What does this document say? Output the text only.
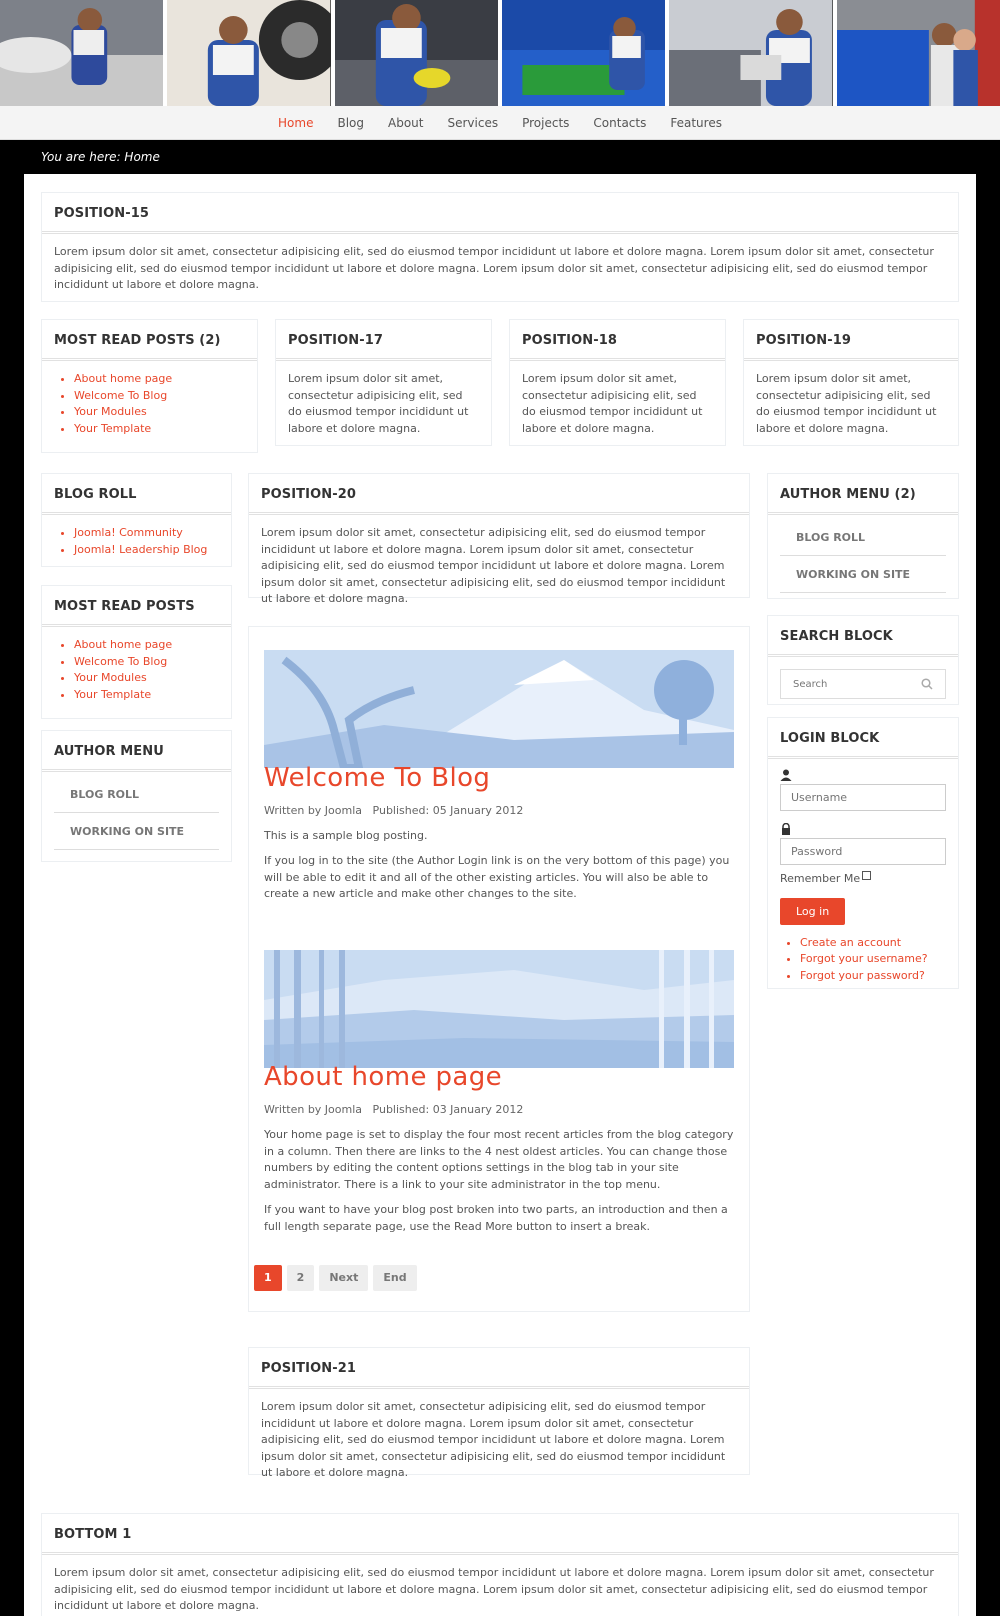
Home	Blog	About	Services	Projects	Contacts	Features
You are here: Home
POSITION-15
Lorem ipsum dolor sit amet, consectetur adipisicing elit, sed do eiusmod tempor incididunt ut labore et dolore magna. Lorem ipsum dolor sit amet, consectetur adipisicing elit, sed do eiusmod tempor incididunt ut labore et dolore magna. Lorem ipsum dolor sit amet, consectetur adipisicing elit, sed do eiusmod tempor incididunt ut labore et dolore magna.
MOST READ POSTS (2)
• About home page
• Welcome To Blog
• Your Modules
• Your Template
POSITION-17
Lorem ipsum dolor sit amet, consectetur adipisicing elit, sed do eiusmod tempor incididunt ut labore et dolore magna.
POSITION-18
Lorem ipsum dolor sit amet, consectetur adipisicing elit, sed do eiusmod tempor incididunt ut labore et dolore magna.
POSITION-19
Lorem ipsum dolor sit amet, consectetur adipisicing elit, sed do eiusmod tempor incididunt ut labore et dolore magna.
BLOG ROLL
• Joomla! Community
• Joomla! Leadership Blog
MOST READ POSTS
• About home page
• Welcome To Blog
• Your Modules
• Your Template
AUTHOR MENU
BLOG ROLL
WORKING ON SITE
POSITION-20
Lorem ipsum dolor sit amet, consectetur adipisicing elit, sed do eiusmod tempor incididunt ut labore et dolore magna. Lorem ipsum dolor sit amet, consectetur adipisicing elit, sed do eiusmod tempor incididunt ut labore et dolore magna. Lorem ipsum dolor sit amet, consectetur adipisicing elit, sed do eiusmod tempor incididunt ut labore et dolore magna.
Welcome To Blog
Written by Joomla Published: 05 January 2012
This is a sample blog posting.
If you log in to the site (the Author Login link is on the very bottom of this page) you will be able to edit it and all of the other existing articles. You will also be able to create a new article and make other changes to the site.
About home page
Written by Joomla Published: 03 January 2012
Your home page is set to display the four most recent articles from the blog category in a column. Then there are links to the 4 nest oldest articles. You can change those numbers by editing the content options settings in the blog tab in your site administrator. There is a link to your site administrator in the top menu.
If you want to have your blog post broken into two parts, an introduction and then a full length separate page, use the Read More button to insert a break.
1	2	Next	End
POSITION-21
Lorem ipsum dolor sit amet, consectetur adipisicing elit, sed do eiusmod tempor incididunt ut labore et dolore magna. Lorem ipsum dolor sit amet, consectetur adipisicing elit, sed do eiusmod tempor incididunt ut labore et dolore magna. Lorem ipsum dolor sit amet, consectetur adipisicing elit, sed do eiusmod tempor incididunt ut labore et dolore magna.
AUTHOR MENU (2)
BLOG ROLL
WORKING ON SITE
SEARCH BLOCK
Search
LOGIN BLOCK
Username
Remember Me
Log in
• Create an account
• Forgot your username?
• Forgot your password?
BOTTOM 1
Lorem ipsum dolor sit amet, consectetur adipisicing elit, sed do eiusmod tempor incididunt ut labore et dolore magna. Lorem ipsum dolor sit amet, consectetur adipisicing elit, sed do eiusmod tempor incididunt ut labore et dolore magna. Lorem ipsum dolor sit amet, consectetur adipisicing elit, sed do eiusmod tempor incididunt ut labore et dolore magna.
